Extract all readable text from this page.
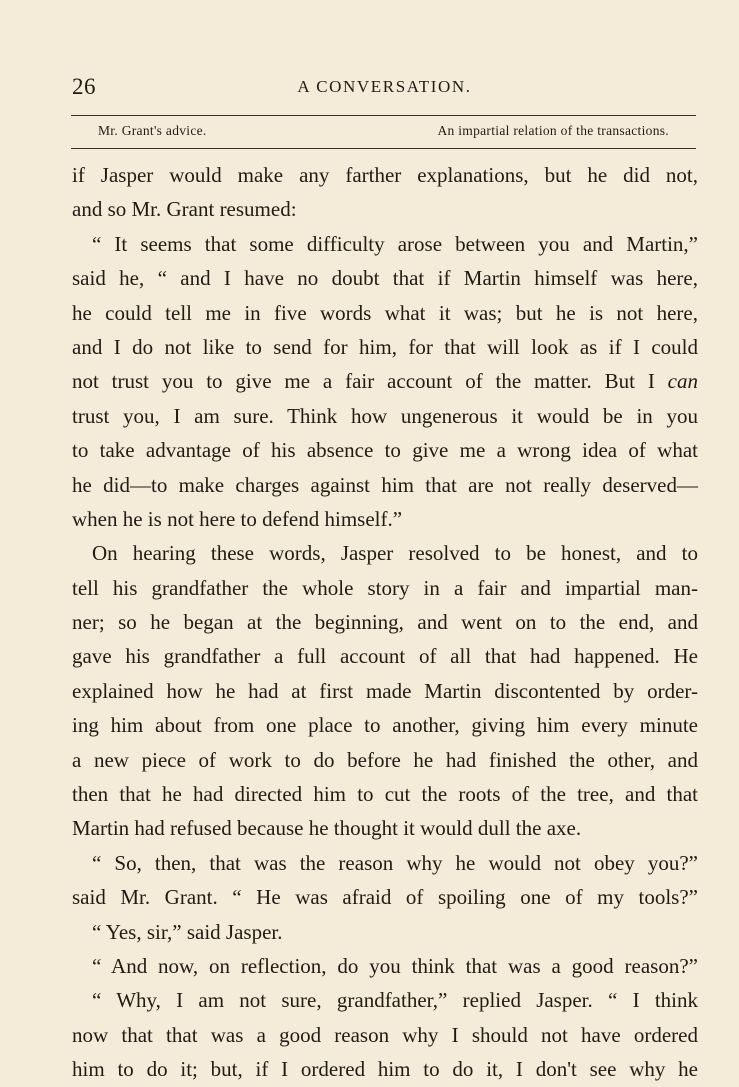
26	A CONVERSATION.
Mr. Grant's advice.	An impartial relation of the transactions.
if Jasper would make any farther explanations, but he did not,
and so Mr. Grant resumed:
“ It seems that some difficulty arose between you and Martin,”
said he, “ and I have no doubt that if Martin himself was here,
he could tell me in five words what it was; but he is not here,
and I do not like to send for him, for that will look as if I could
not trust you to give me a fair account of the matter. But I can
trust you, I am sure. Think how ungenerous it would be in you
to take advantage of his absence to give me a wrong idea of what
he did—to make charges against him that are not really deserved—
when he is not here to defend himself.”
On hearing these words, Jasper resolved to be honest, and to
tell his grandfather the whole story in a fair and impartial man-
ner; so he began at the beginning, and went on to the end, and
gave his grandfather a full account of all that had happened. He
explained how he had at first made Martin discontented by order-
ing him about from one place to another, giving him every minute
a new piece of work to do before he had finished the other, and
then that he had directed him to cut the roots of the tree, and that
Martin had refused because he thought it would dull the axe.
“ So, then, that was the reason why he would not obey you?”
said Mr. Grant. “ He was afraid of spoiling one of my tools?”
“ Yes, sir,” said Jasper.
“ And now, on reflection, do you think that was a good reason?”
“ Why, I am not sure, grandfather,” replied Jasper. “ I think
now that that was a good reason why I should not have ordered
him to do it; but, if I ordered him to do it, I don't see why he
